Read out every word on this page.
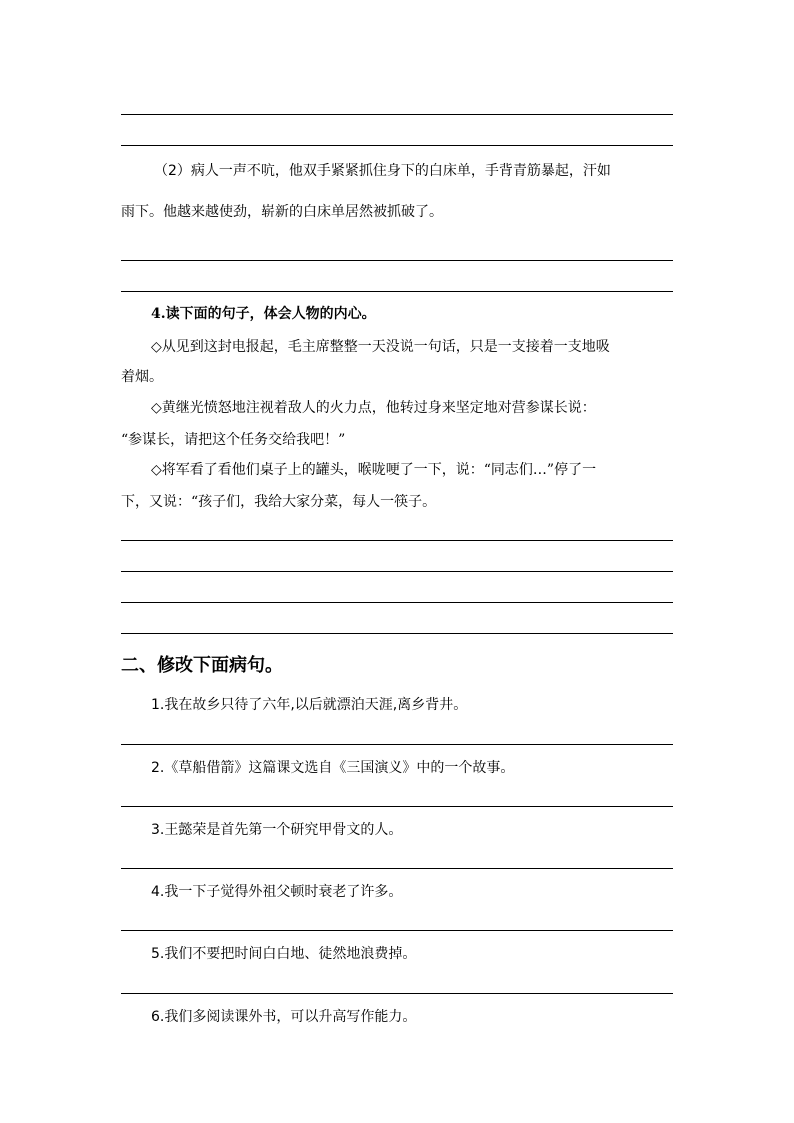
（2）病人一声不吭，他双手紧紧抓住身下的白床单，手背青筋暴起，汗如
雨下。他越来越使劲，崭新的白床单居然被抓破了。
4.读下面的句子，体会人物的内心。
◇从见到这封电报起，毛主席整整一天没说一句话，只是一支接着一支地吸
着烟。
◇黄继光愤怒地注视着敌人的火力点，他转过身来坚定地对营参谋长说：
“参谋长，请把这个任务交给我吧！”
◇将军看了看他们桌子上的罐头，喉咙哽了一下，说：“同志们…”停了一
下，又说：“孩子们，我给大家分菜，每人一筷子。
二、修改下面病句。
1.我在故乡只待了六年,以后就漂泊天涯,离乡背井。
2.《草船借箭》这篇课文选自《三国演义》中的一个故事。
3.王懿荣是首先第一个研究甲骨文的人。
4.我一下子觉得外祖父顿时衰老了许多。
5.我们不要把时间白白地、徒然地浪费掉。
6.我们多阅读课外书，可以升高写作能力。
